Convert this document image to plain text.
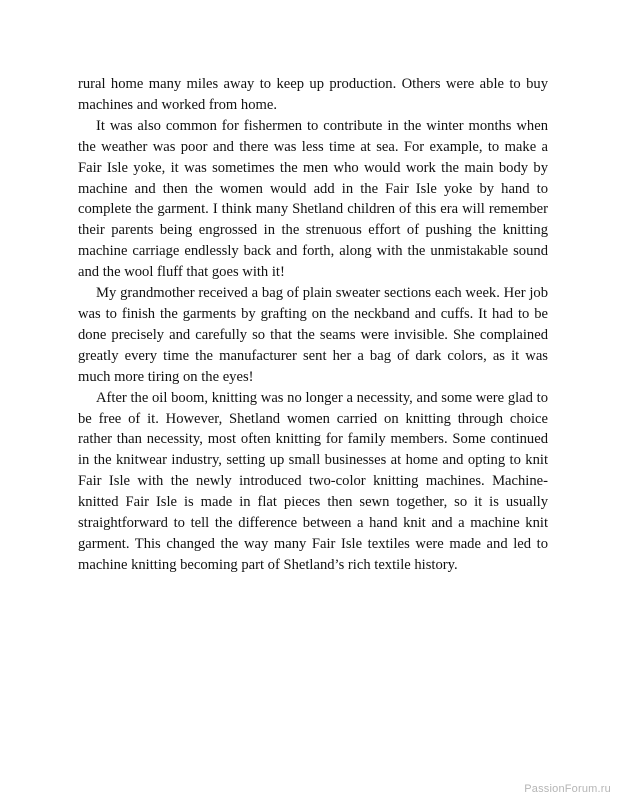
rural home many miles away to keep up production. Others were able to buy machines and worked from home.

It was also common for fishermen to contribute in the winter months when the weather was poor and there was less time at sea. For example, to make a Fair Isle yoke, it was sometimes the men who would work the main body by machine and then the women would add in the Fair Isle yoke by hand to complete the garment. I think many Shetland children of this era will remember their parents being engrossed in the strenuous effort of pushing the knitting machine carriage endlessly back and forth, along with the unmistakable sound and the wool fluff that goes with it!

My grandmother received a bag of plain sweater sections each week. Her job was to finish the garments by grafting on the neckband and cuffs. It had to be done precisely and carefully so that the seams were invisible. She complained greatly every time the manufacturer sent her a bag of dark colors, as it was much more tiring on the eyes!

After the oil boom, knitting was no longer a necessity, and some were glad to be free of it. However, Shetland women carried on knitting through choice rather than necessity, most often knitting for family members. Some continued in the knitwear industry, setting up small businesses at home and opting to knit Fair Isle with the newly introduced two-color knitting machines. Machine-knitted Fair Isle is made in flat pieces then sewn together, so it is usually straightforward to tell the difference between a hand knit and a machine knit garment. This changed the way many Fair Isle textiles were made and led to machine knitting becoming part of Shetland’s rich textile history.

PassionForum.ru
